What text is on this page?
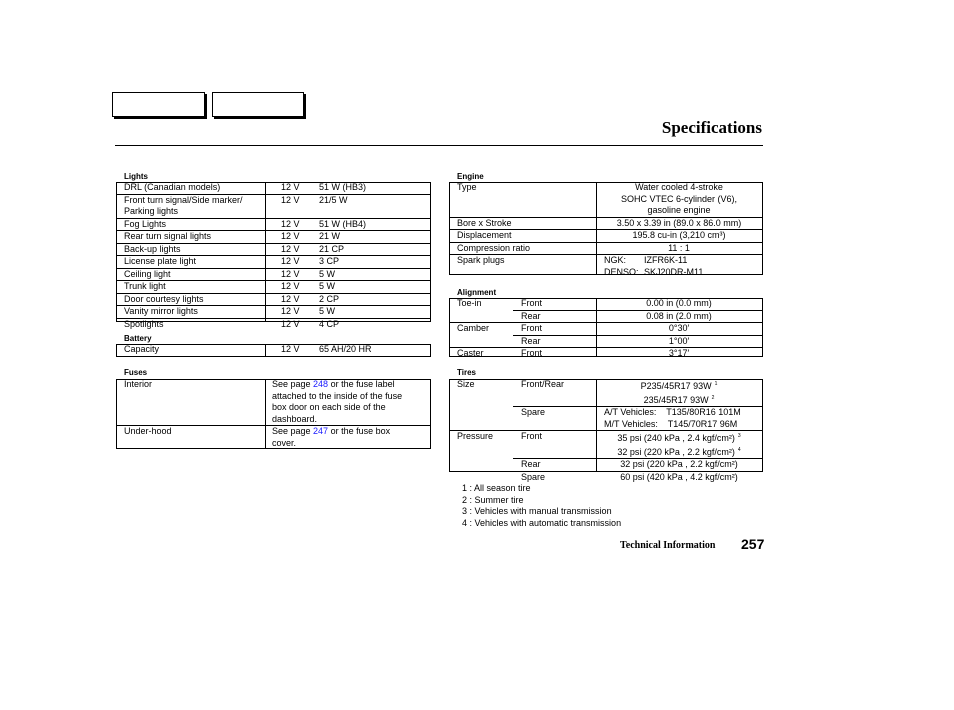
Specifications
Lights
DRL (Canadian models)	12 V	51 W (HB3)
Front turn signal/Side marker/
Parking lights	12 V	21/5 W
Fog Lights	12 V	51 W (HB4)
Rear turn signal lights	12 V	21 W
Back-up lights	12 V	21 CP
License plate light	12 V	3 CP
Ceiling light	12 V	5 W
Trunk light	12 V	5 W
Door courtesy lights	12 V	2 CP
Vanity mirror lights	12 V	5 W
Spotlights	12 V	4 CP
Battery
Capacity	12 V	65 AH/20 HR
Fuses
Interior	See page 248 or the fuse label
attached to the inside of the fuse
box door on each side of the
dashboard.
Under-hood	See page 247 or the fuse box
cover.
Engine
Type	Water cooled 4-stroke
SOHC VTEC 6-cylinder (V6),
gasoline engine
Bore x Stroke	3.50 x 3.39 in (89.0 x 86.0 mm)
Displacement	195.8 cu-in (3,210 cm³)
Compression ratio	11 : 1
Spark plugs	NGK: IZFR6K-11
DENSO: SKJ20DR-M11
Alignment
Toe-in	Front	0.00 in (0.0 mm)
	Rear	0.08 in (2.0 mm)
Camber	Front	0°30′
	Rear	1°00′
Caster	Front	3°17′
Tires
Size	Front/Rear	P235/45R17 93W $^1$
235/45R17 93W $^2$
	Spare	A/T Vehicles:    T135/80R16 101M
M/T Vehicles:    T145/70R17 96M
Pressure	Front	35 psi (240 kPa , 2.4 kgf/cm²) $^3$
32 psi (220 kPa , 2.2 kgf/cm²) $^4$
	Rear	32 psi (220 kPa , 2.2 kgf/cm²)
	Spare	60 psi (420 kPa , 4.2 kgf/cm²)
1 : All season tire
2 : Summer tire
3 : Vehicles with manual transmission
4 : Vehicles with automatic transmission
Technical Information 257
